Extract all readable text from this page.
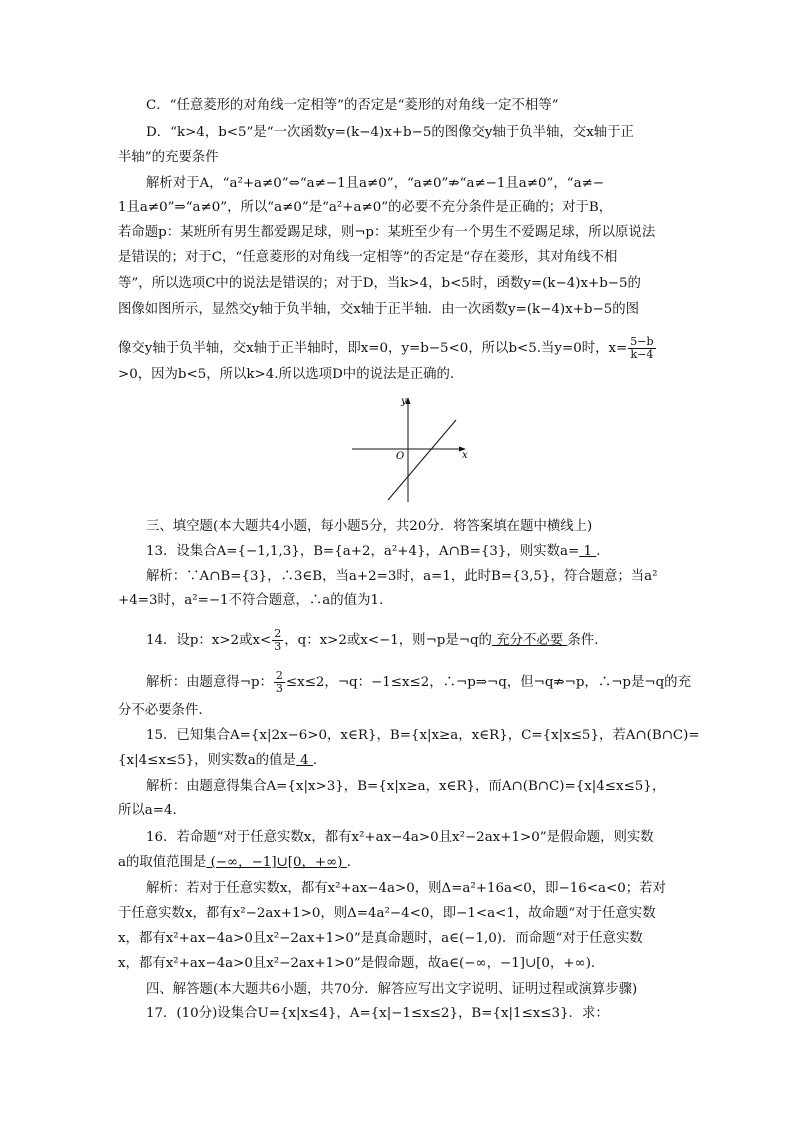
C．“任意菱形的对角线一定相等”的否定是“菱形的对角线一定不相等”
D．“k>4，b<5”是“一次函数y=(k−4)x+b−5的图像交y轴于负半轴，交x轴于正
半轴”的充要条件
解析对于A，“a²+a≠0”⇔“a≠−1且a≠0”，“a≠0”⇏“a≠−1且a≠0”，“a≠−
1且a≠0”⇒“a≠0”，所以“a≠0”是“a²+a≠0”的必要不充分条件是正确的；对于B，
若命题p：某班所有男生都爱踢足球，则¬p：某班至少有一个男生不爱踢足球，所以原说法
是错误的；对于C，“任意菱形的对角线一定相等”的否定是“存在菱形，其对角线不相
等”，所以选项C中的说法是错误的；对于D，当k>4，b<5时，函数y=(k−4)x+b−5的
图像如图所示，显然交y轴于负半轴，交x轴于正半轴．由一次函数y=(k−4)x+b−5的图
像交y轴于负半轴，交x轴于正半轴时，即x=0，y=b−5<0，所以b<5.当y=0时，$x= \frac{5-b}{k-4}$
>0，因为b<5，所以k>4.所以选项D中的说法是正确的.
y
x
O
三、填空题(本大题共4小题，每小题5分，共20分．将答案填在题中横线上)
13．设集合A={−1,1,3}，B={a+2，a²+4}，A∩B={3}，则实数a= 1 .
解析：∵A∩B={3}，∴3∈B，当a+2=3时，a=1，此时B={3,5}，符合题意；当a²
+4=3时，a²=−1不符合题意，∴a的值为1.
14．设p：x>2或$x< \frac{2}{3}$ ，q：x>2或x<−1，则¬p是¬q的 充分不必要 条件．
解析：由题意得¬p： $\frac{2}{3} \le x\le 2$，¬q：−1≤x≤2，∴¬p⇒¬q，但¬q⇏¬p，∴¬p是¬q的充
分不必要条件.
15．已知集合A={x|2x−6>0，x∈R}，B={x|x≥a，x∈R}，C={x|x≤5}，若A∩(B∩C)=
{x|4≤x≤5}，则实数a的值是 4 .
解析：由题意得集合A={x|x>3}，B={x|x≥a，x∈R}，而A∩(B∩C)={x|4≤x≤5}，
所以a=4.
16．若命题“对于任意实数x，都有x²+ax−4a>0且x²−2ax+1>0”是假命题，则实数
a的取值范围是 (−∞，−1]∪[0，+∞) .
解析：若对于任意实数x，都有x²+ax−4a>0，则Δ=a²+16a<0，即−16<a<0；若对
于任意实数x，都有x²−2ax+1>0，则Δ=4a²−4<0，即−1<a<1，故命题“对于任意实数
x，都有x²+ax−4a>0且x²−2ax+1>0”是真命题时，a∈(−1,0)．而命题“对于任意实数
x，都有x²+ax−4a>0且x²−2ax+1>0”是假命题，故a∈(−∞，−1]∪[0，+∞).
四、解答题(本大题共6小题，共70分．解答应写出文字说明、证明过程或演算步骤)
17．(10分)设集合U={x|x≤4}，A={x|−1≤x≤2}，B={x|1≤x≤3}．求：
